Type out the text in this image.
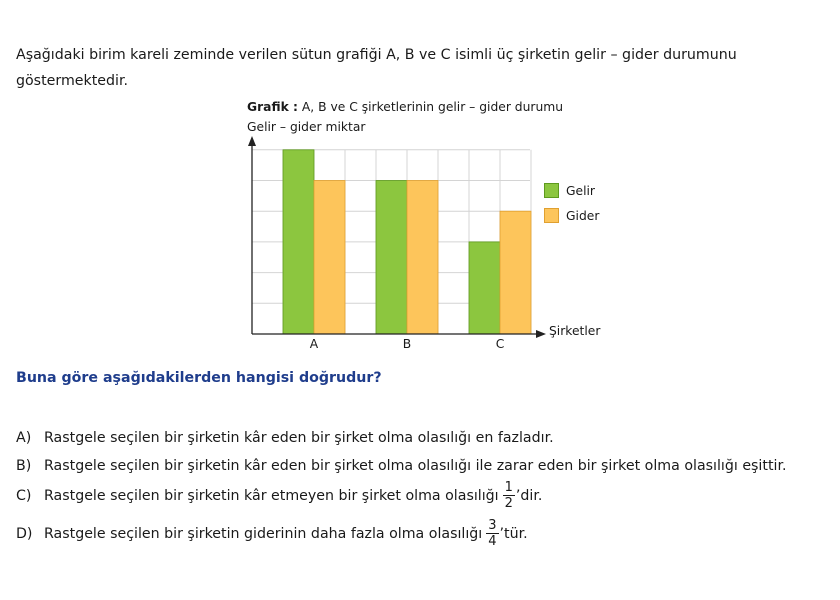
Aşağıdaki birim kareli zeminde verilen sütun grafiği A, B ve C isimli üç şirketin gelir – gider durumunu göstermektedir.

Grafik : A, B ve C şirketlerinin gelir – gider durumu
Gelir – gider miktar
Şirketler
A	B	C
Gelir
Gider

Buna göre aşağıdakilerden hangisi doğrudur?

A) Rastgele seçilen bir şirketin kâr eden bir şirket olma olasılığı en fazladır.
B) Rastgele seçilen bir şirketin kâr eden bir şirket olma olasılığı ile zarar eden bir şirket olma olasılığı eşittir.
C) Rastgele seçilen bir şirketin kâr etmeyen bir şirket olma olasılığı $\frac{1}{2}$ ’dir.
D) Rastgele seçilen bir şirketin giderinin daha fazla olma olasılığı $\frac{3}{4}$ ’tür.
